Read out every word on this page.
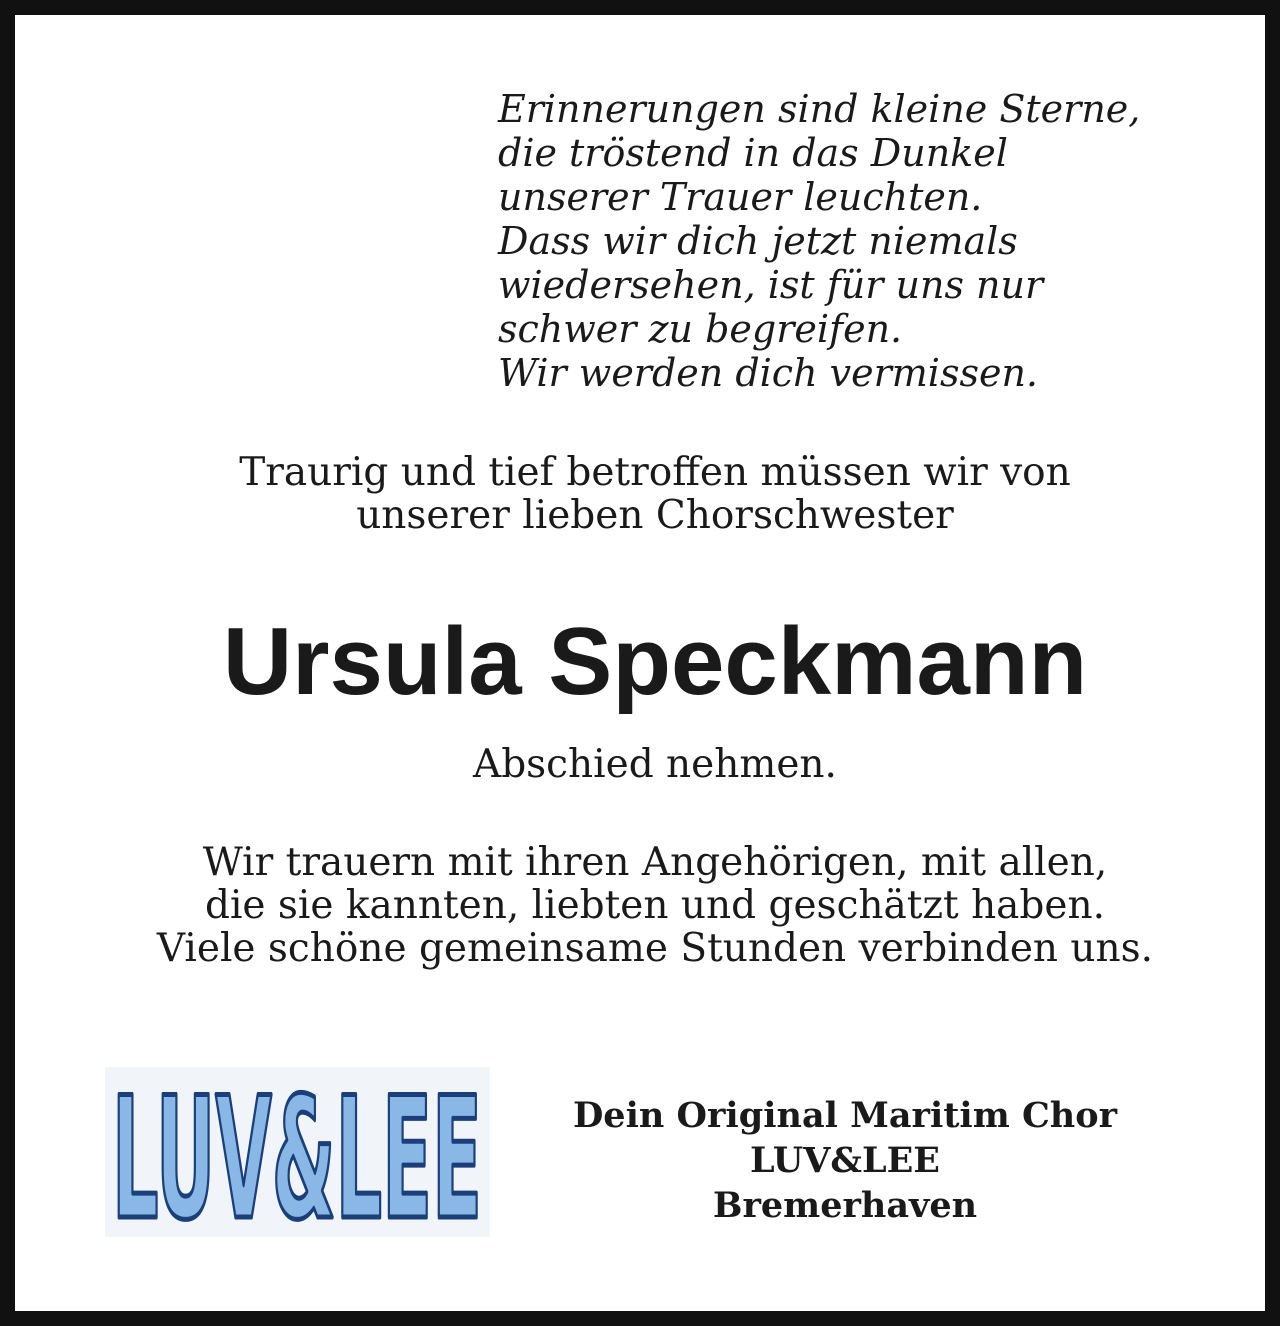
Erinnerungen sind kleine Sterne,
die tröstend in das Dunkel
unserer Trauer leuchten.
Dass wir dich jetzt niemals
wiedersehen, ist für uns nur
schwer zu begreifen.
Wir werden dich vermissen.
Traurig und tief betroffen müssen wir von
unserer lieben Chorschwester
Ursula Speckmann
Abschied nehmen.
Wir trauern mit ihren Angehörigen, mit allen,
die sie kannten, liebten und geschätzt haben.
Viele schöne gemeinsame Stunden verbinden uns.
LUV&LEE	Dein Original Maritim Chor
LUV&LEE
Bremerhaven
